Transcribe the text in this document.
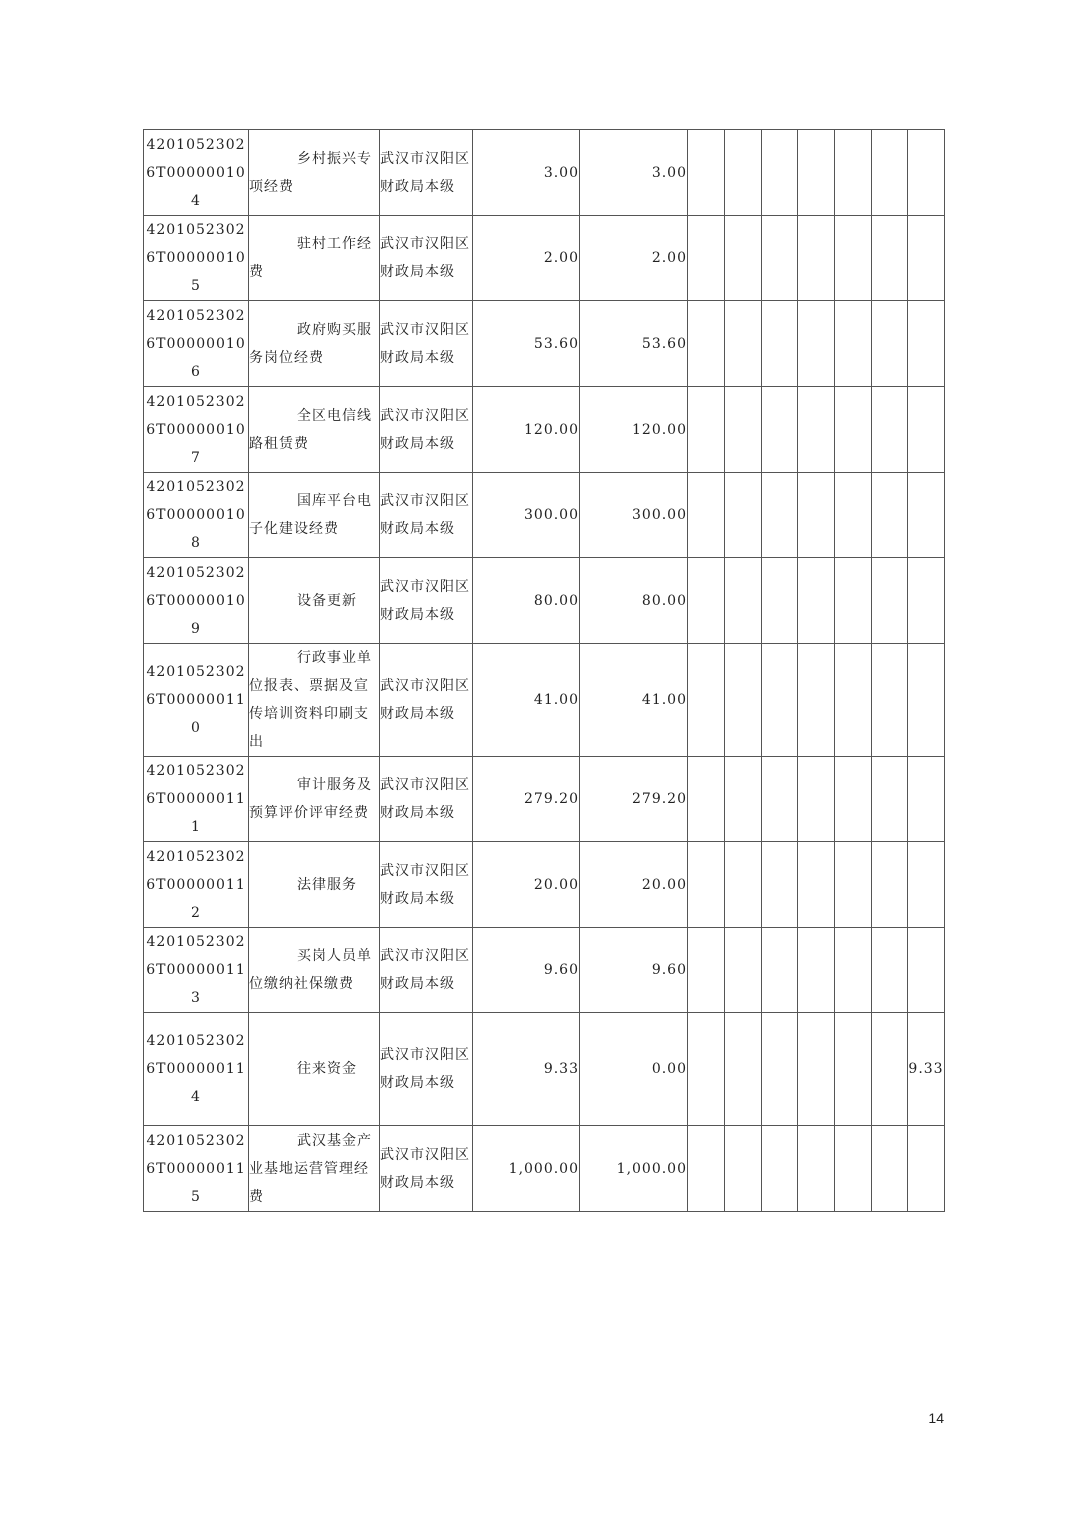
42010523026T000000104	乡村振兴专项经费	武汉市汉阳区财政局本级	3.00	3.00							
42010523026T000000105	驻村工作经费	武汉市汉阳区财政局本级	2.00	2.00							
42010523026T000000106	政府购买服务岗位经费	武汉市汉阳区财政局本级	53.60	53.60							
42010523026T000000107	全区电信线路租赁费	武汉市汉阳区财政局本级	120.00	120.00							
42010523026T000000108	国库平台电子化建设经费	武汉市汉阳区财政局本级	300.00	300.00							
42010523026T000000109	设备更新	武汉市汉阳区财政局本级	80.00	80.00							
42010523026T000000110	行政事业单位报表、票据及宣传培训资料印刷支出	武汉市汉阳区财政局本级	41.00	41.00							
42010523026T000000111	审计服务及预算评价评审经费	武汉市汉阳区财政局本级	279.20	279.20							
42010523026T000000112	法律服务	武汉市汉阳区财政局本级	20.00	20.00							
42010523026T000000113	买岗人员单位缴纳社保缴费	武汉市汉阳区财政局本级	9.60	9.60							
42010523026T000000114	往来资金	武汉市汉阳区财政局本级	9.33	0.00							9.33
42010523026T000000115	武汉基金产业基地运营管理经费	武汉市汉阳区财政局本级	1,000.00	1,000.00							
14
